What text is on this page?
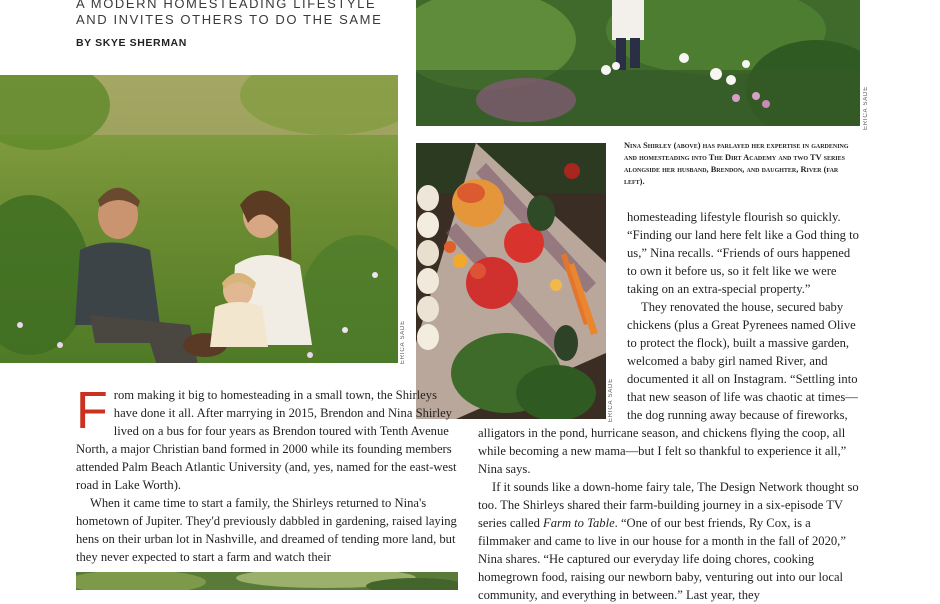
A MODERN HOMESTEADING LIFESTYLE AND INVITES OTHERS TO DO THE SAME
BY SKYE SHERMAN
ERICA SADE
ERICA SADE
ERICA SADE
Nina Shirley (above) has parlayed her expertise in gardening and homesteading into The Dirt Academy and two TV series alongside her husband, Brendon, and daughter, River (far left).

From making it big to homesteading in a small town, the Shirleys have done it all. After marrying in 2015, Brendon and Nina Shirley lived on a bus for four years as Brendon toured with Tenth Avenue North, a major Christian band formed in 2000 while its founding members attended Palm Beach Atlantic University (and, yes, named for the east-west road in Lake Worth).

When it came time to start a family, the Shirleys returned to Nina's hometown of Jupiter. They'd previously dabbled in gardening, raised laying hens on their urban lot in Nashville, and dreamed of tending more land, but they never expected to start a farm and watch their

homesteading lifestyle flourish so quickly. “Finding our land here felt like a God thing to us,” Nina recalls. “Friends of ours happened to own it before us, so it felt like we were taking on an extra-special property.”

They renovated the house, secured baby chickens (plus a Great Pyrenees named Olive to protect the flock), built a massive garden, welcomed a baby girl named River, and documented it all on Instagram. “Settling into that new season of life was chaotic at times—the dog running away because of fireworks, alligators in the pond, hurricane season, and chickens flying the coop, all while becoming a new mama—but I felt so thankful to experience it all,” Nina says.

If it sounds like a down-home fairy tale, The Design Network thought so too. The Shirleys shared their farm-building journey in a six-episode TV series called Farm to Table. “One of our best friends, Ry Cox, is a filmmaker and came to live in our house for a month in the fall of 2020,” Nina shares. “He captured our everyday life doing chores, cooking homegrown food, raising our newborn baby, venturing out into our local community, and everything in between.” Last year, they
